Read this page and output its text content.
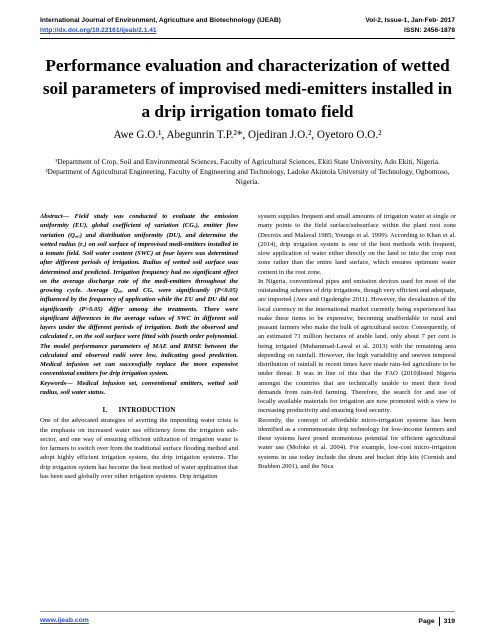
International Journal of Environment, Agriculture and Biotechnology (IJEAB)	Vol-2, Issue-1, Jan-Feb- 2017
http://dx.doi.org/10.22161/ijeab/2.1.41	ISSN: 2456-1878
Performance evaluation and characterization of wetted soil parameters of improvised medi-emitters installed in a drip irrigation tomato field
Awe G.O.¹, Abegunrin T.P.²*, Ojediran J.O.², Oyetoro O.O.²
¹Department of Crop, Soil and Environmental Sciences, Faculty of Agricultural Sciences, Ekiti State University, Ado Ekiti, Nigeria.
²Department of Agricultural Engineering, Faculty of Engineering and Technology, Ladoke Akintola University of Technology, Ogbomoso, Nigeria.

Abstract— Field study was conducted to evaluate the emission uniformity (EU), global coefficient of variation (CGᵥ), emitter flow variation (Qᵥₐᵣ) and distribution uniformity (DU), and determine the wetted radius (rᵥ) on soil surface of improvised medi-emitters installed in a tomato field. Soil water content (SWC) at four layers was determined after different periods of irrigation. Radius of wetted soil surface was determined and predicted. Irrigation frequency had no significant effect on the average discharge rate of the medi-emitters throughout the growing cycle. Average Qᵥₐᵣ and CGᵥ were significantly (P<0.05) influenced by the frequency of application while the EU and DU did not significantly (P>0.05) differ among the treatments. There were significant differences in the average values of SWC in different soil layers under the different periods of irrigation. Both the observed and calculated rᵥ on the soil surface were fitted with fourth order polynomial. The model performance parameters of MAE and RMSE between the calculated and observed radii were low, indicating good prediction. Medical infusion set can successfully replace the more expensive conventional emitters for drip irrigation system.

Keywords— Medical infusion set, conventional emitters, wetted soil radius, soil water status.

I. INTRODUCTION

One of the advocated strategies of averting the impending water crisis is the emphasis on increased water use efficiency from the irrigation sub-sector, and one way of ensuring efficient utilization of irrigation water is for farmers to switch over from the traditional surface flooding method and adopt highly efficient irrigation system, the drip irrigation systems. The drip irrigation system has become the best method of water application that has been used globally over other irrigation systems. Drip irrigation

system supplies frequent and small amounts of irrigation water at single or many points to the field surface/subsurface within the plant root zone (Decroix and Malaval 1985; Youngs et al. 1999). According to Khan et al. (2014), drip irrigation system is one of the best methods with frequent, slow application of water either directly on the land or into the crop root zone rather than the entire land surface, which ensures optimum water content in the root zone.

In Nigeria, conventional pipes and emission devices used for most of the outstanding schemes of drip irrigations, though very efficient and adequate, are imported (Awe and Ogedengbe 2011). However, the devaluation of the local currency in the international market currently being experienced has make these items to be expensive, becoming unaffordable to rural and peasant farmers who make the bulk of agricultural sector. Consequently, of an estimated 71 million hectares of arable land, only about 7 per cent is being irrigated (Muhammad-Lawal et al. 2013) with the remaining area depending on rainfall. However, the high variability and uneven temporal distribution of rainfall in recent times have made rain-fed agriculture to be under threat. It was in line of this that the FAO (2010)listed Nigeria amongst the countries that are technically unable to meet their food demands from rain-fed farming. Therefore, the search for and use of locally available materials for irrigation are now promoted with a view to increasing productivity and ensuring food security.

Recently, the concept of affordable micro-irrigation systems has been identified as a commensurate drip technology for low-income farmers and these systems have posed momentous potential for efficient agricultural water use (Mofoke et al. 2004). For example, low-cost micro-irrigation systems in use today include the drum and bucket drip kits (Cornish and Brabben 2001), and the Nica

www.ijeab.com	Page 319
